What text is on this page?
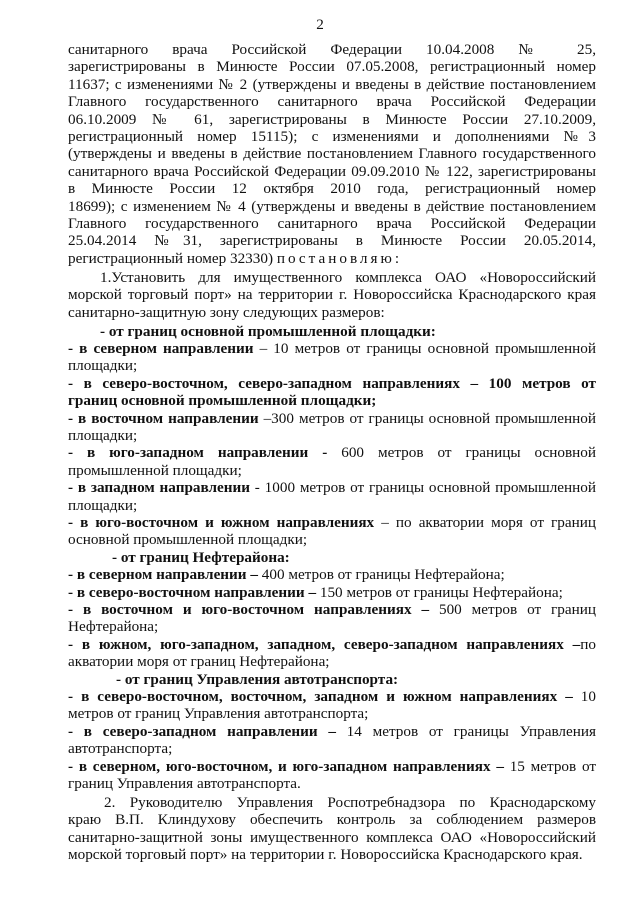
2

санитарного врача Российской Федерации 10.04.2008 № 25,

зарегистрированы в Минюсте России 07.05.2008, регистрационный номер

11637; с изменениями № 2 (утверждены и введены в действие постановлением

Главного государственного санитарного врача Российской Федерации

06.10.2009 № 61, зарегистрированы в Минюсте России 27.10.2009,

регистрационный номер 15115); с изменениями и дополнениями №3

(утверждены и введены в действие постановлением Главного государственного

санитарного врача Российской Федерации 09.09.2010 № 122, зарегистрированы

в Минюсте России 12 октября 2010 года, регистрационный номер

18699); с изменением № 4 (утверждены и введены в действие постановлением

Главного государственного санитарного врача Российской Федерации

25.04.2014 №31, зарегистрированы в Минюсте России 20.05.2014,

регистрационный номер 32330) постановляю:

1.Установить для имущественного комплекса ОАО «Новороссийский

морской торговый порт» на территории г. Новороссийска Краснодарского края

санитарно-защитную зону следующих размеров:

- от границ основной промышленной площадки:

- в северном направлении – 10 метров от границы основной промышленной

площадки;

- в северо-восточном, северо-западном направлениях – 100 метров от

границ основной промышленной площадки;

- в восточном направлении –300 метров от границы основной промышленной

площадки;

- в юго-западном направлении - 600 метров от границы основной

промышленной площадки;

- в западном направлении - 1000 метров от границы основной промышленной

площадки;

- в юго-восточном и южном направлениях – по акватории моря от границ

основной промышленной площадки;

- от границ Нефтерайона:

- в северном направлении – 400 метров от границы Нефтерайона;

- в северо-восточном направлении – 150 метров от границы Нефтерайона;

- в восточном и юго-восточном направлениях – 500 метров от границ

Нефтерайона;

- в южном, юго-западном, западном, северо-западном направлениях –по

акватории моря от границ Нефтерайона;

- от границ Управления автотранспорта:

- в северо-восточном, восточном, западном и южном направлениях – 10

метров от границ Управления автотранспорта;

- в северо-западном направлении – 14 метров от границы Управления

автотранспорта;

- в северном, юго-восточном, и юго-западном направлениях – 15 метров от

границ Управления автотранспорта.

2. Руководителю Управления Роспотребнадзора по Краснодарскому

краю В.П. Клиндухову обеспечить контроль за соблюдением размеров

санитарно-защитной зоны имущественного комплекса ОАО «Новороссийский

морской торговый порт» на территории г. Новороссийска Краснодарского края.
